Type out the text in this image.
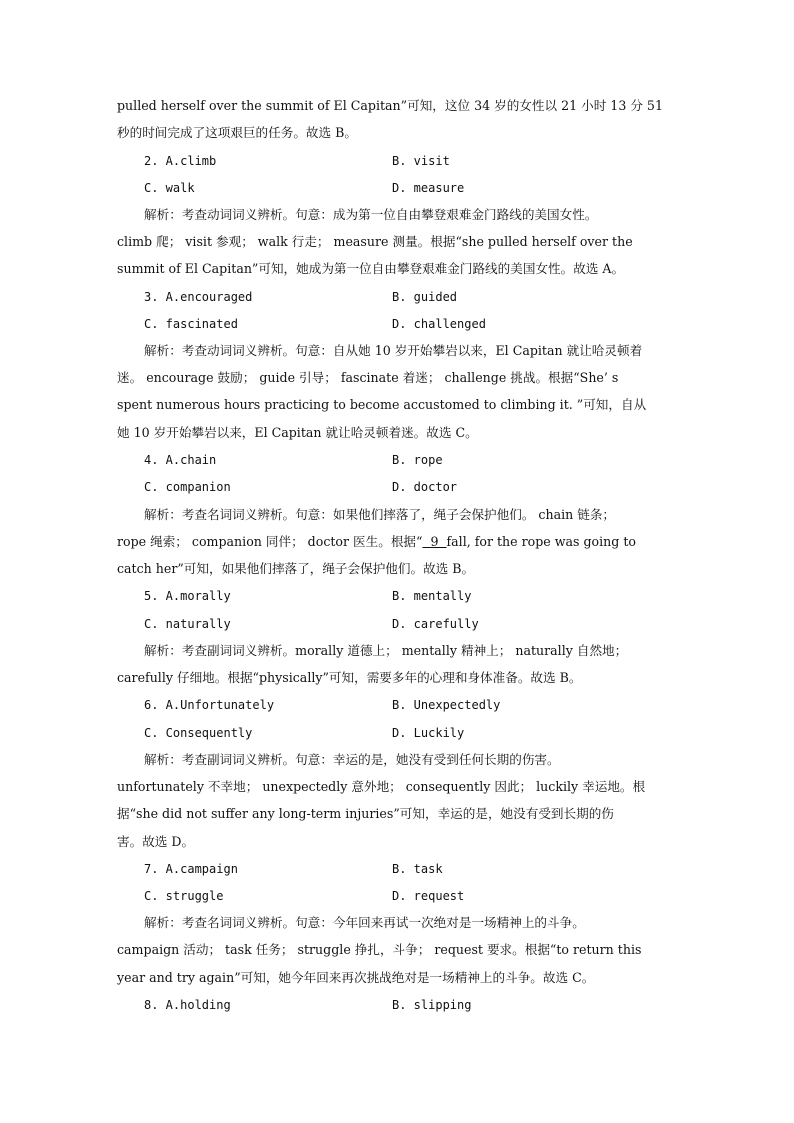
pulled herself over the summit of El Capitan”可知，这位 34 岁的女性以 21 小时 13 分 51
秒的时间完成了这项艰巨的任务。故选 B。
2. A.climb	B. visit
C. walk	D. measure
解析：考查动词词义辨析。句意：成为第一位自由攀登艰难金门路线的美国女性。
climb 爬； visit 参观； walk 行走； measure 测量。根据“she pulled herself over the
summit of El Capitan”可知，她成为第一位自由攀登艰难金门路线的美国女性。故选 A。
3. A.encouraged	B. guided
C. fascinated	D. challenged
解析：考查动词词义辨析。句意：自从她 10 岁开始攀岩以来，El Capitan 就让哈灵顿着
迷。 encourage 鼓励； guide 引导； fascinate 着迷； challenge 挑战。根据“She’ s
spent numerous hours practicing to become accustomed to climbing it. ”可知，自从
她 10 岁开始攀岩以来，El Capitan 就让哈灵顿着迷。故选 C。
4. A.chain	B. rope
C. companion	D. doctor
解析：考查名词词义辨析。句意：如果他们摔落了，绳子会保护他们。 chain 链条；
rope 绳索； companion 同伴； doctor 医生。根据“ 9 fall, for the rope was going to
catch her”可知，如果他们摔落了，绳子会保护他们。故选 B。
5. A.morally	B. mentally
C. naturally	D. carefully
解析：考查副词词义辨析。morally 道德上； mentally 精神上； naturally 自然地；
carefully 仔细地。根据“physically”可知，需要多年的心理和身体准备。故选 B。
6. A.Unfortunately	B. Unexpectedly
C. Consequently	D. Luckily
解析：考查副词词义辨析。句意：幸运的是，她没有受到任何长期的伤害。
unfortunately 不幸地； unexpectedly 意外地； consequently 因此； luckily 幸运地。根
据“she did not suffer any long-term injuries”可知，幸运的是，她没有受到长期的伤
害。故选 D。
7. A.campaign	B. task
C. struggle	D. request
解析：考查名词词义辨析。句意：今年回来再试一次绝对是一场精神上的斗争。
campaign 活动； task 任务； struggle 挣扎，斗争； request 要求。根据“to return this
year and try again”可知，她今年回来再次挑战绝对是一场精神上的斗争。故选 C。
8. A.holding	B. slipping
